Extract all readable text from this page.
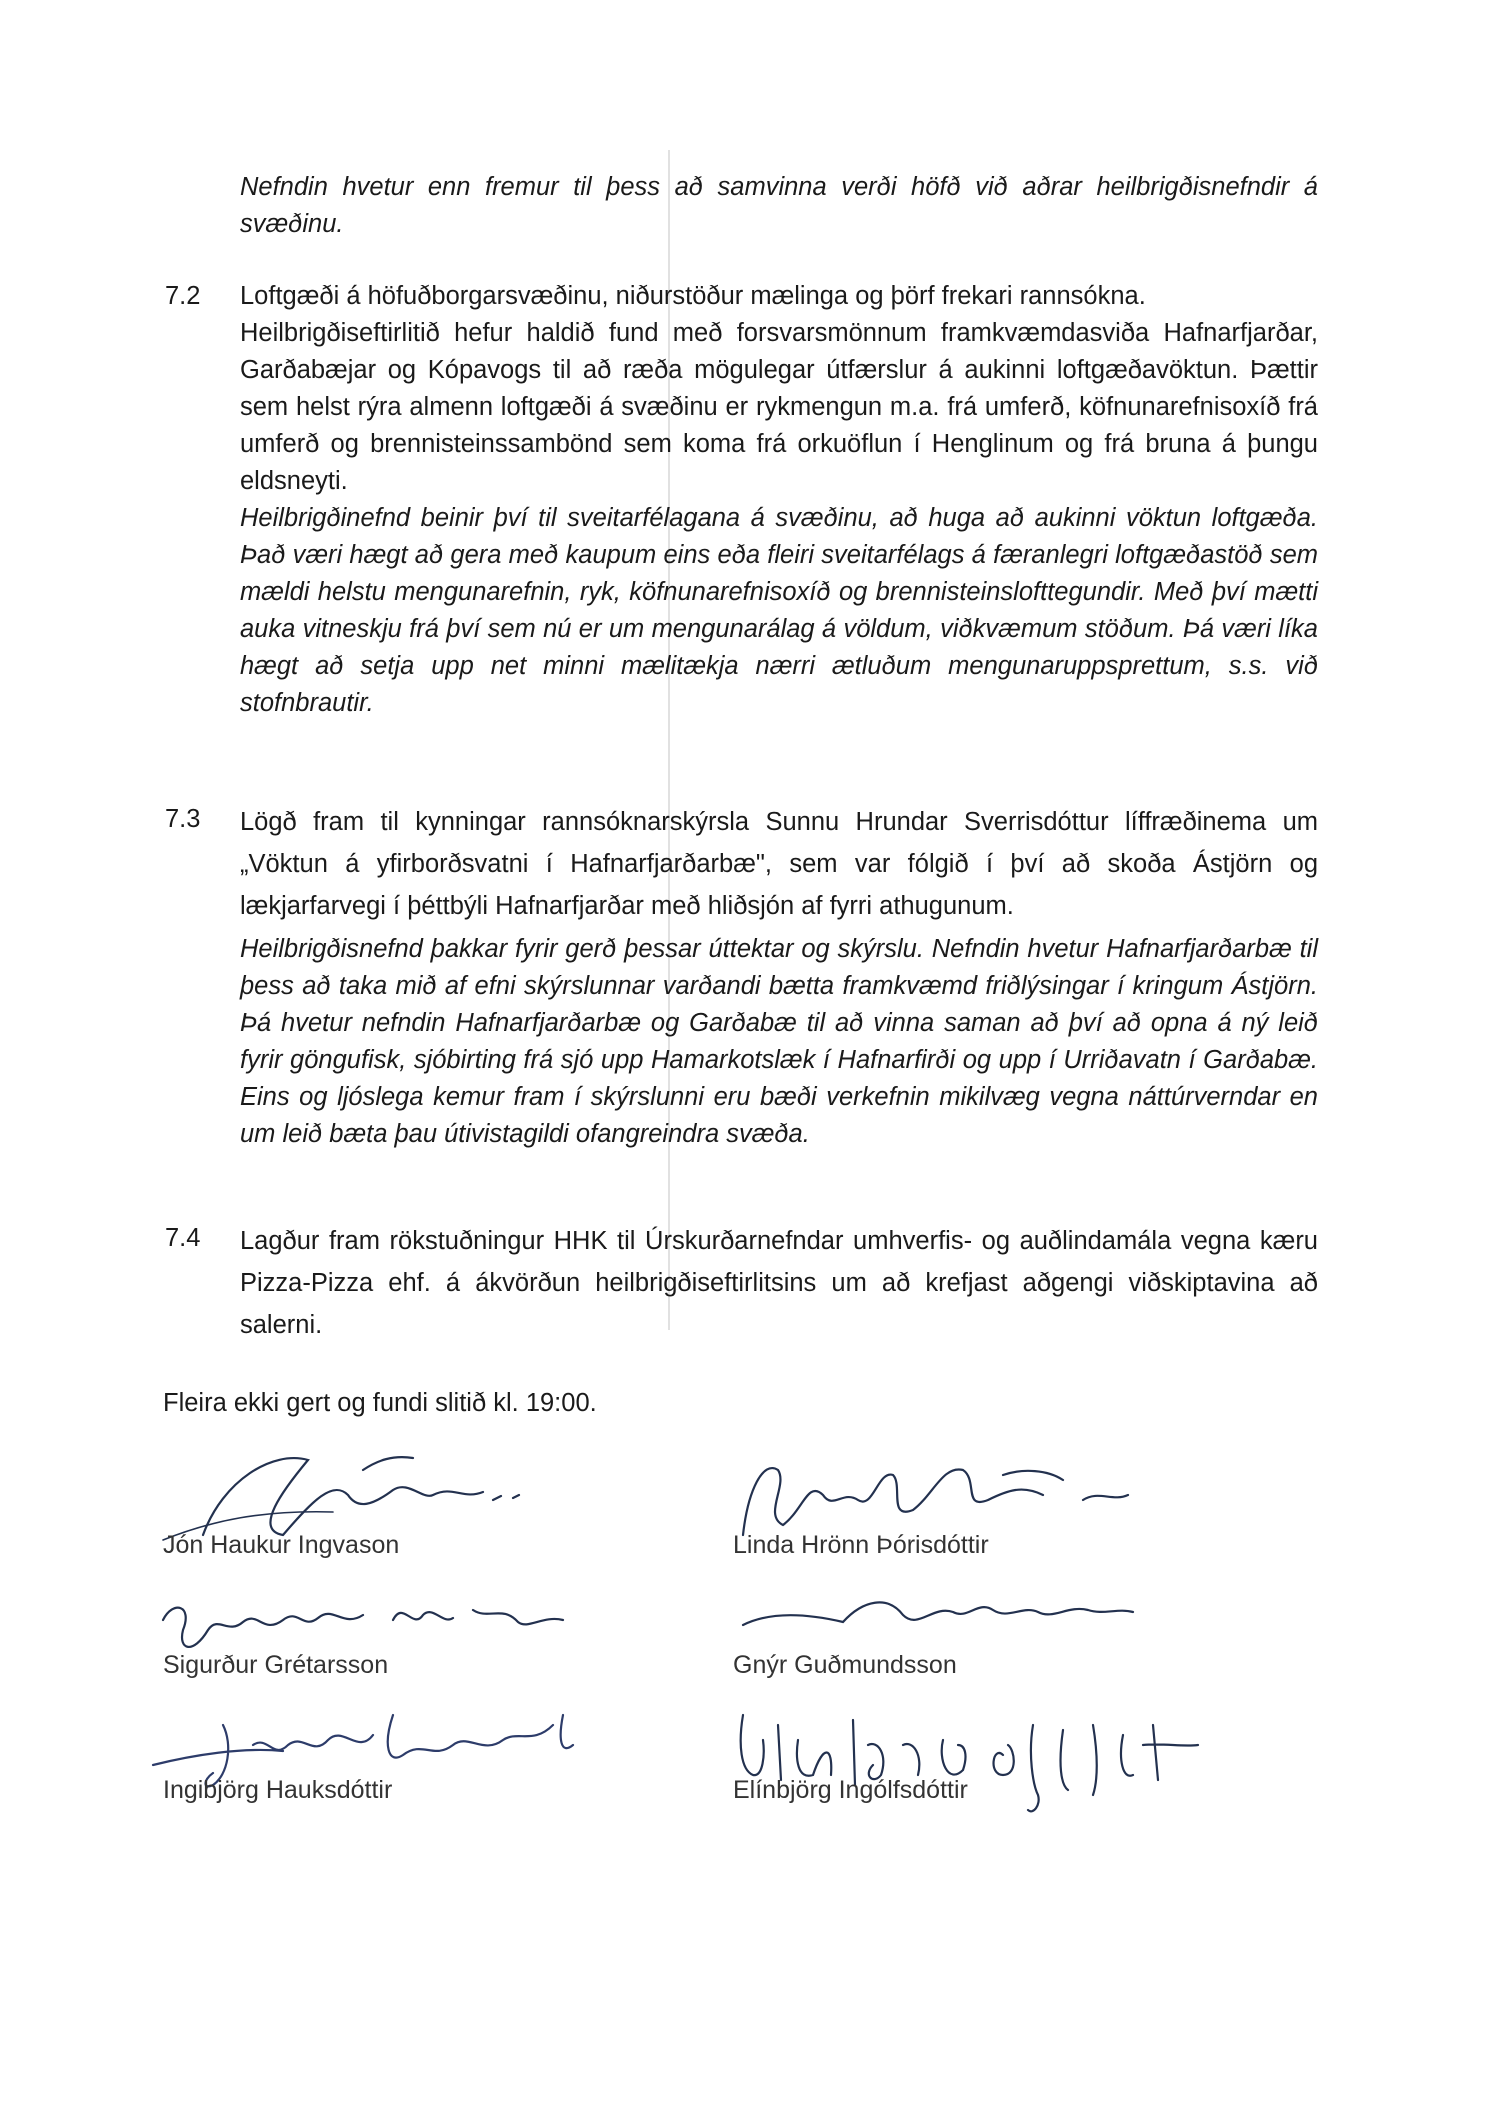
Nefndin hvetur enn fremur til þess að samvinna verði höfð við aðrar heilbrigðisnefndir á svæðinu.

7.2 Loftgæði á höfuðborgarsvæðinu, niðurstöður mælinga og þörf frekari rannsókna.

Heilbrigðiseftirlitið hefur haldið fund með forsvarsmönnum framkvæmdasviða Hafnarfjarðar, Garðabæjar og Kópavogs til að ræða mögulegar útfærslur á aukinni loftgæðavöktun. Þættir sem helst rýra almenn loftgæði á svæðinu er rykmengun m.a. frá umferð, köfnunarefnisoxíð frá umferð og brennisteinssambönd sem koma frá orkuöflun í Henglinum og frá bruna á þungu eldsneyti.

Heilbrigðinefnd beinir því til sveitarfélagana á svæðinu, að huga að aukinni vöktun loftgæða. Það væri hægt að gera með kaupum eins eða fleiri sveitarfélags á færanlegri loftgæðastöð sem mældi helstu mengunarefnin, ryk, köfnunarefnisoxíð og brennisteinslofttegundir. Með því mætti auka vitneskju frá því sem nú er um mengunarálag á völdum, viðkvæmum stöðum. Þá væri líka hægt að setja upp net minni mælitækja nærri ætluðum mengunaruppsprettum, s.s. við stofnbrautir.

7.3 Lögð fram til kynningar rannsóknarskýrsla Sunnu Hrundar Sverrisdóttur líffræðinema um „Vöktun á yfirborðsvatni í Hafnarfjarðarbæ", sem var fólgið í því að skoða Ástjörn og lækjarfarvegi í þéttbýli Hafnarfjarðar með hliðsjón af fyrri athugunum.

Heilbrigðisnefnd þakkar fyrir gerð þessar úttektar og skýrslu. Nefndin hvetur Hafnarfjarðarbæ til þess að taka mið af efni skýrslunnar varðandi bætta framkvæmd friðlýsingar í kringum Ástjörn. Þá hvetur nefndin Hafnarfjarðarbæ og Garðabæ til að vinna saman að því að opna á ný leið fyrir göngufisk, sjóbirting frá sjó upp Hamarkotslæk í Hafnarfirði og upp í Urriðavatn í Garðabæ. Eins og ljóslega kemur fram í skýrslunni eru bæði verkefnin mikilvæg vegna náttúrverndar en um leið bæta þau útivistagildi ofangreindra svæða.

7.4 Lagður fram rökstuðningur HHK til Úrskurðarnefndar umhverfis- og auðlindamála vegna kæru Pizza-Pizza ehf. á ákvörðun heilbrigðiseftirlitsins um að krefjast aðgengi viðskiptavina að salerni.

Fleira ekki gert og fundi slitið kl. 19:00.
Jón Haukur Ingvason
Sigurður Grétarsson
Ingibjörg Hauksdóttir
Linda Hrönn Þórisdóttir
Gnýr Guðmundsson
Elínbjörg Ingólfsdóttir
